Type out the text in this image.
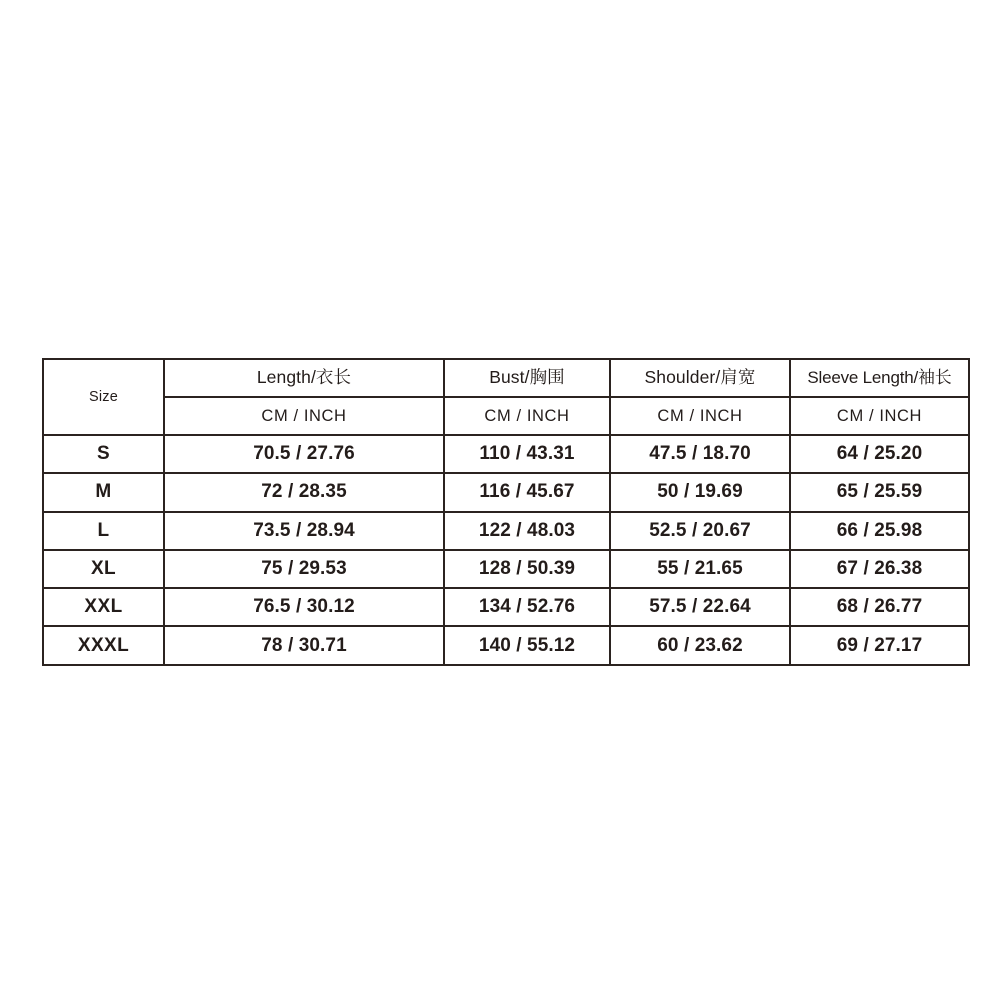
Size	Length/衣长	Bust/胸围	Shoulder/肩宽	Sleeve Length/袖长
	CM / INCH	CM / INCH	CM / INCH	CM / INCH
S	70.5 / 27.76	110 / 43.31	47.5 / 18.70	64 / 25.20
M	72 / 28.35	116 / 45.67	50 / 19.69	65 / 25.59
L	73.5 / 28.94	122 / 48.03	52.5 / 20.67	66 / 25.98
XL	75 / 29.53	128 / 50.39	55 / 21.65	67 / 26.38
XXL	76.5 / 30.12	134 / 52.76	57.5 / 22.64	68 / 26.77
XXXL	78 / 30.71	140 / 55.12	60 / 23.62	69 / 27.17
